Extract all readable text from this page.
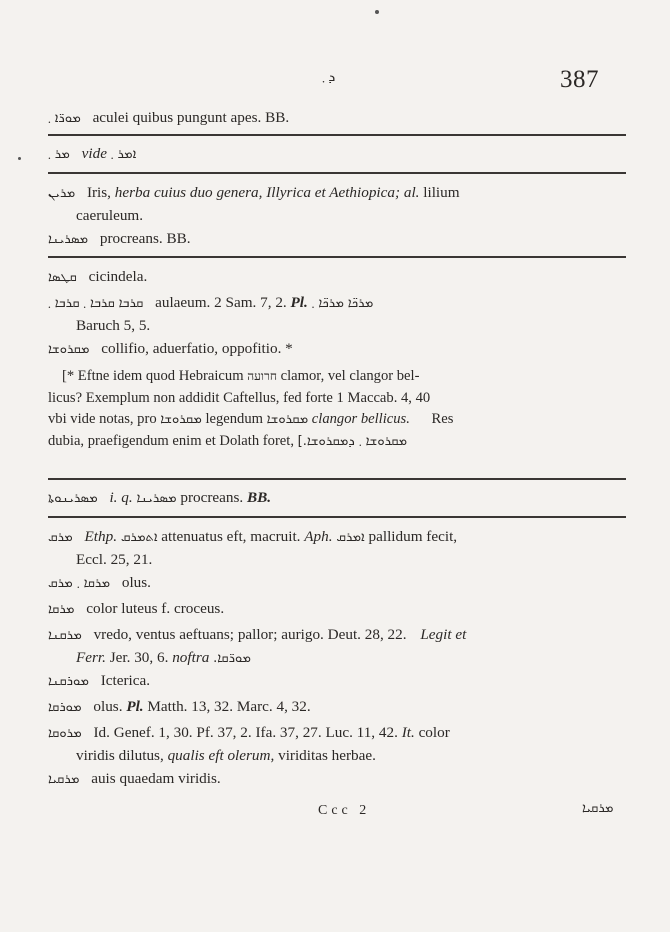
ܕ ܂	387
ܡܘܪ̈ܐ ܂ aculei quibus pungunt apes. BB.
ܡܪ ܂ vide ܐܡܪ ܂
ܡܪܝܢ Iris, herba cuius duo genera, Illyrica et Aethiopica; al. lilium
caeruleum.
ܡܣܪܝܢܐ procreans. BB.
ܩܛܣܐ cicindela.
ܩܪܒܐ ܂ ܩܪܒܐ ܂ ܩܪܒܐ aulaeum. 2 Sam. 7, 2. Pl. ܡܪܟ̈ܐ ܂ ܡܪܟ̈ܐ
Baruch 5, 5.
ܡܩܪܘܫܐ collifio, aduerfatio, oppofitio. *
[* Eftne idem quod Hebraicum חרועה clamor, vel clangor bel-
licus? Exemplum non addidit Caftellus, fed forte 1 Maccab. 4, 40
vbi vide notas, pro ܡܩܪܘܫܐ legendum ܡܩܪܘܫܐ clangor bellicus. Res
dubia, praefigendum enim et Dolath foret, ܡܩܪܘܫܐ ܂ ܕܡܩܪܘܫܐ.]
ܡܣܪܝܢܘܬܐ i. q. ܡܣܪܝܢܐ procreans. BB.
ܡܪܩ Ethp. ܐܬܡܪܩ attenuatus eft, macruit. Aph. ܐܡܪܩ pallidum fecit,
Eccl. 25, 21.
ܡܪܩܐ ܂ ܡܪܩ olus.
ܡܪܩܐ color luteus f. croceus.
ܡܪܩܢܐ vredo, ventus aeftuans; pallor; aurigo. Deut. 28, 22. Legit et
Ferr. Jer. 30, 6. noftra ܡܘܪ̈ܩܐ.
ܡܘܪܩܢܐ Icterica.
ܡܘܪܩܐ olus. Pl. Matth. 13, 32. Marc. 4, 32.
ܡܪܘܩܐ Id. Genef. 1, 30. Pf. 37, 2. Ifa. 37, 27. Luc. 11, 42. It. color
viridis dilutus, qualis eft olerum, viriditas herbae.
ܡܪܩܝܐ auis quaedam viridis.
Ccc 2	ܡܪܩܝܐ
